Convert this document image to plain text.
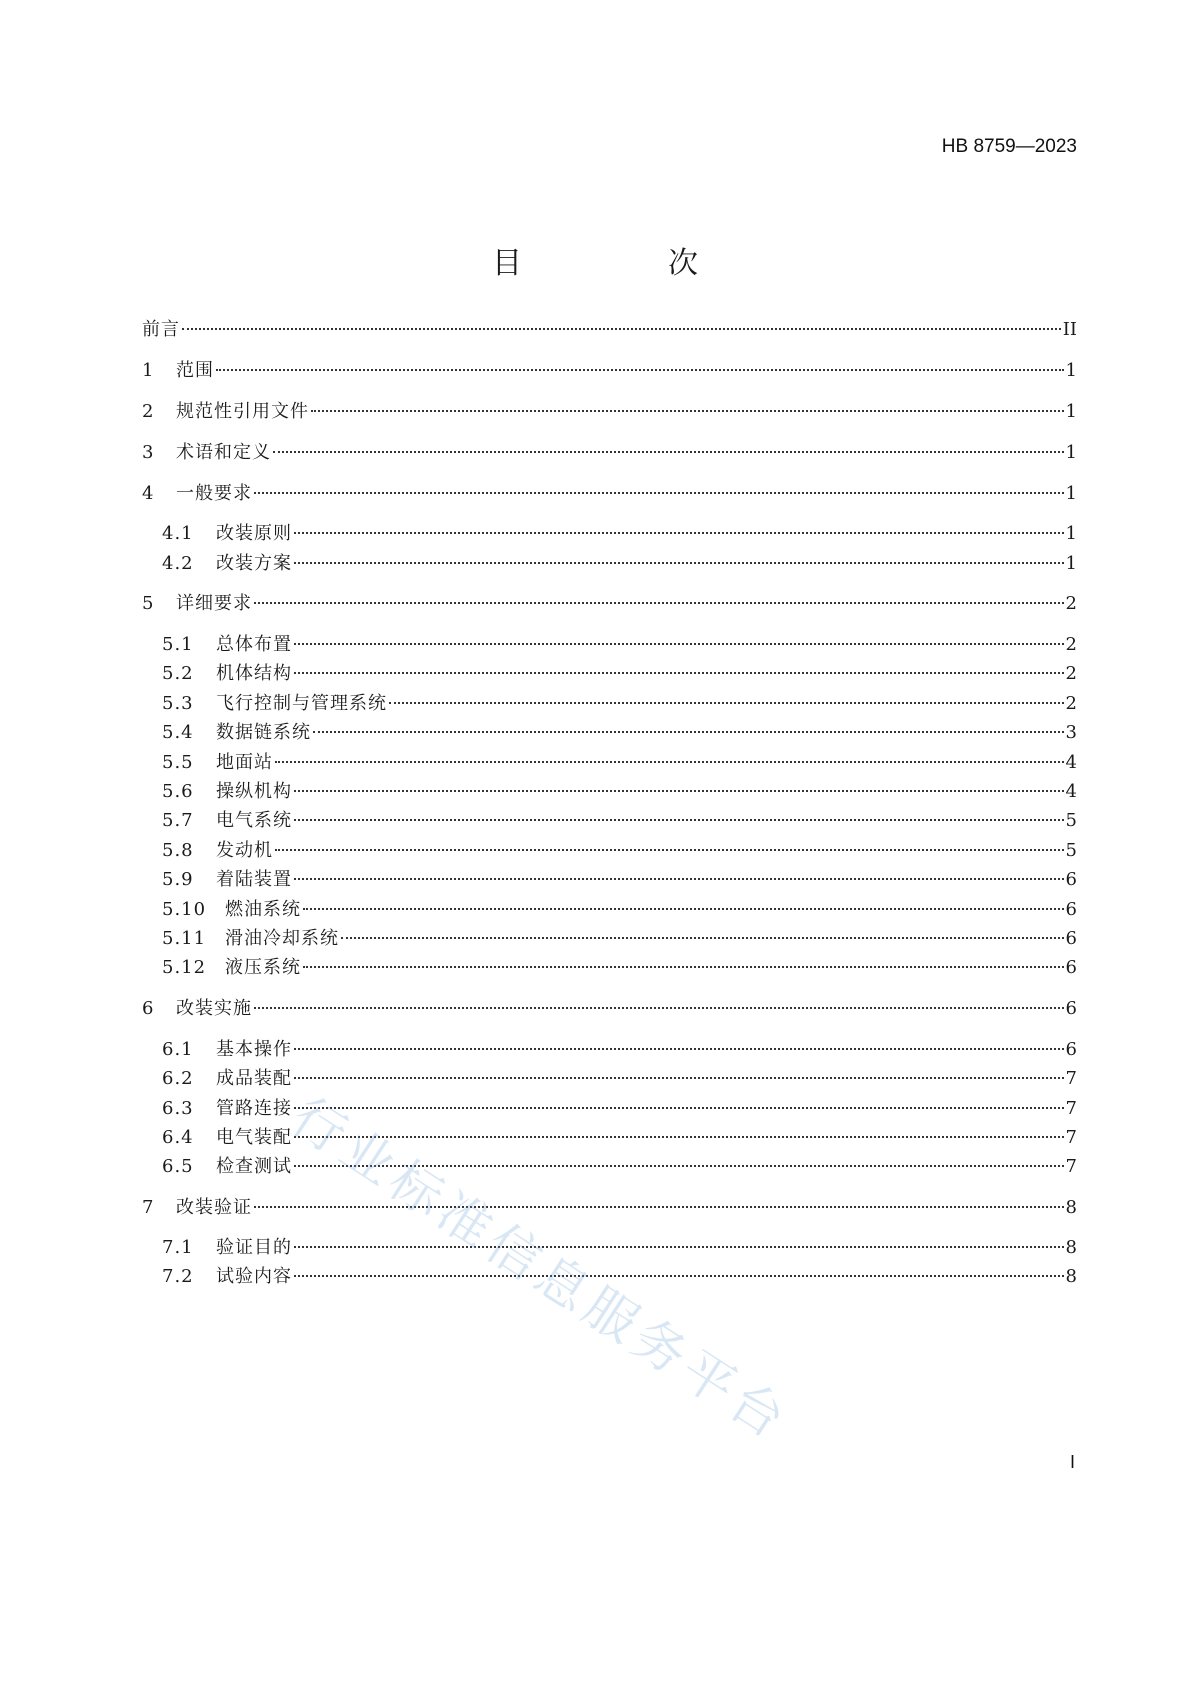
HB 8759—2023
目　次
前言	II
1	范围	1
2	规范性引用文件	1
3	术语和定义	1
4	一般要求	1
4.1	改装原则	1
4.2	改装方案	1
5	详细要求	2
5.1	总体布置	2
5.2	机体结构	2
5.3	飞行控制与管理系统	2
5.4	数据链系统	3
5.5	地面站	4
5.6	操纵机构	4
5.7	电气系统	5
5.8	发动机	5
5.9	着陆装置	6
5.10	燃油系统	6
5.11	滑油冷却系统	6
5.12	液压系统	6
6	改装实施	6
6.1	基本操作	6
6.2	成品装配	7
6.3	管路连接	7
6.4	电气装配	7
6.5	检查测试	7
7	改装验证	8
7.1	验证目的	8
7.2	试验内容	8
行业标准信息服务平台
I
